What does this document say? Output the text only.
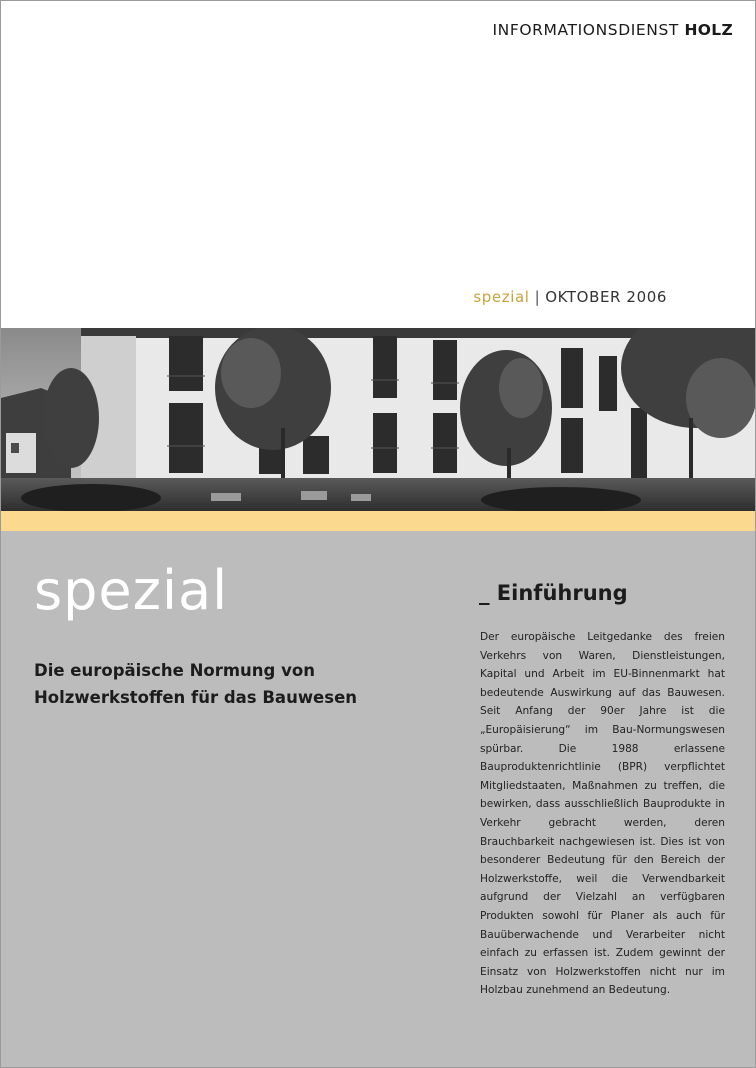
INFORMATIONSDIENST HOLZ
spezial | OKTOBER 2006
spezial
Die europäische Normung von
Holzwerkstoffen für das Bauwesen
_ Einführung

Der europäische Leitgedanke des freien Verkehrs von Waren, Dienstleistungen, Kapital und Arbeit im EU-Binnenmarkt hat bedeutende Auswirkung auf das Bauwesen. Seit Anfang der 90er Jahre ist die „Europäisierung“ im Bau-Normungswesen spürbar. Die 1988 erlassene Bauproduktenrichtlinie (BPR) verpflichtet Mitgliedstaaten, Maßnahmen zu treffen, die bewirken, dass ausschließlich Bauprodukte in Verkehr gebracht werden, deren Brauchbarkeit nachgewiesen ist. Dies ist von besonderer Bedeutung für den Bereich der Holzwerkstoffe, weil die Verwendbarkeit aufgrund der Vielzahl an verfügbaren Produkten sowohl für Planer als auch für Bauüberwachende und Verarbeiter nicht einfach zu erfassen ist. Zudem gewinnt der Einsatz von Holzwerkstoffen nicht nur im Holzbau zunehmend an Bedeutung.
